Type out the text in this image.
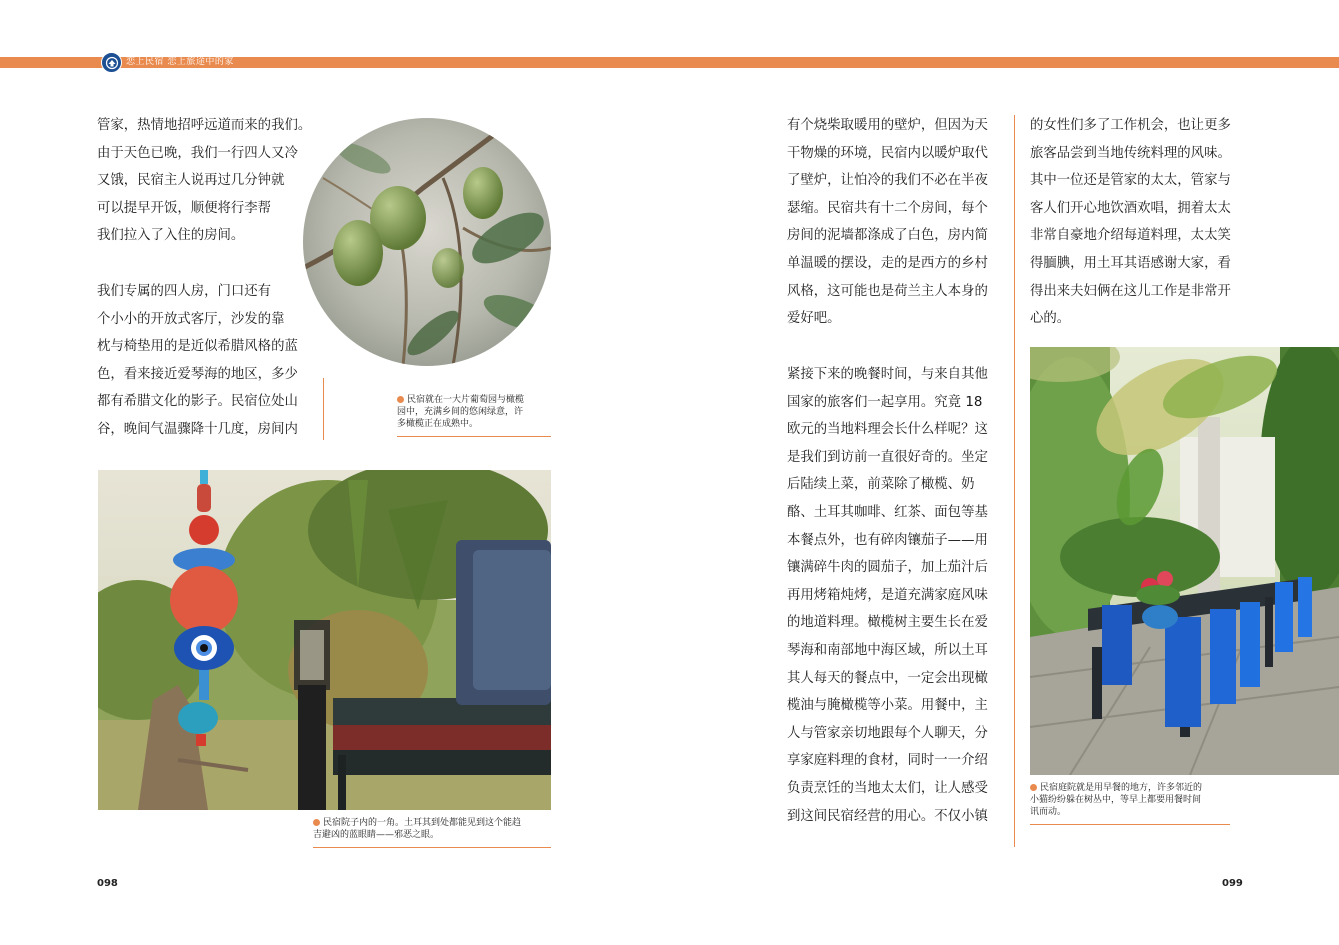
恋上民宿 恋上旅途中的家

管家，热情地招呼远道而来的我们。
由于天色已晚，我们一行四人又冷
又饿，民宿主人说再过几分钟就
可以提早开饭，顺便将行李帮
我们拉入了入住的房间。

我们专属的四人房，门口还有
个小小的开放式客厅，沙发的靠
枕与椅垫用的是近似希腊风格的蓝
色，看来接近爱琴海的地区，多少
都有希腊文化的影子。民宿位处山
谷，晚间气温骤降十几度，房间内

民宿就在一大片葡萄园与橄榄
园中，充满乡间的悠闲绿意，许
多橄榄正在成熟中。
民宿院子内的一角。土耳其到处都能见到这个能趋
吉避凶的蓝眼睛——邪恶之眼。
098

有个烧柴取暖用的壁炉，但因为天
干物燥的环境，民宿内以暖炉取代
了壁炉，让怕冷的我们不必在半夜
瑟缩。民宿共有十二个房间，每个
房间的泥墙都涤成了白色，房内简
单温暖的摆设，走的是西方的乡村
风格，这可能也是荷兰主人本身的
爱好吧。

紧接下来的晚餐时间，与来自其他
国家的旅客们一起享用。究竟 18
欧元的当地料理会长什么样呢？这
是我们到访前一直很好奇的。坐定
后陆续上菜，前菜除了橄榄、奶
酪、土耳其咖啡、红茶、面包等基
本餐点外，也有碎肉镶茄子——用
镶满碎牛肉的圆茄子，加上茄汁后
再用烤箱炖烤，是道充满家庭风味
的地道料理。橄榄树主要生长在爱
琴海和南部地中海区域，所以土耳
其人每天的餐点中，一定会出现橄
榄油与腌橄榄等小菜。用餐中，主
人与管家亲切地跟每个人聊天，分
享家庭料理的食材，同时一一介绍
负责烹饪的当地太太们，让人感受
到这间民宿经营的用心。不仅小镇

的女性们多了工作机会，也让更多
旅客品尝到当地传统料理的风味。
其中一位还是管家的太太，管家与
客人们开心地饮酒欢唱，拥着太太
非常自豪地介绍每道料理，太太笑
得腼腆，用土耳其语感谢大家，看
得出来夫妇俩在这儿工作是非常开
心的。

民宿庭院就是用早餐的地方，许多邻近的
小猫纷纷躲在树丛中，等早上都要用餐时间
讯而动。
099
